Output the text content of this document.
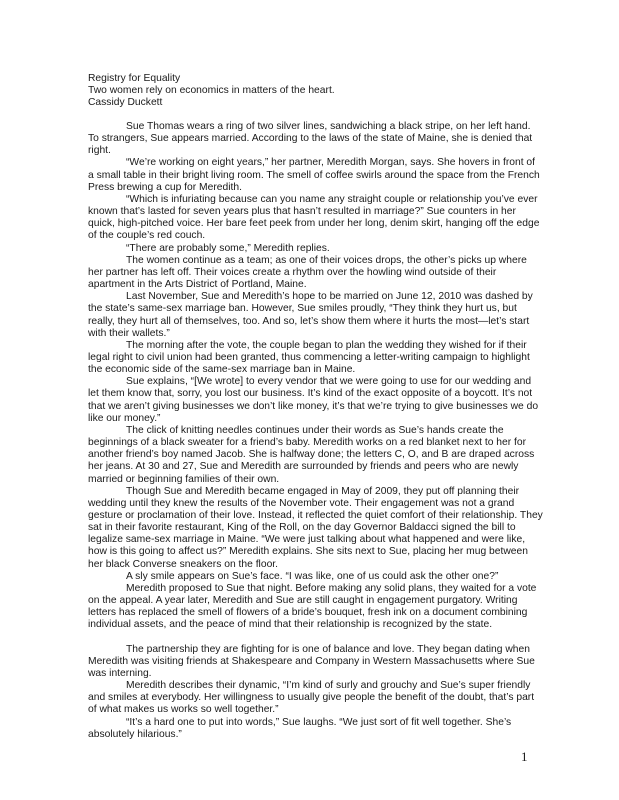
Registry for Equality
Two women rely on economics in matters of the heart.
Cassidy Duckett

Sue Thomas wears a ring of two silver lines, sandwiching a black stripe, on her left hand. To strangers, Sue appears married. According to the laws of the state of Maine, she is denied that right.

“We’re working on eight years,” her partner, Meredith Morgan, says. She hovers in front of a small table in their bright living room. The smell of coffee swirls around the space from the French Press brewing a cup for Meredith.

“Which is infuriating because can you name any straight couple or relationship you’ve ever known that’s lasted for seven years plus that hasn’t resulted in marriage?” Sue counters in her quick, high-pitched voice. Her bare feet peek from under her long, denim skirt, hanging off the edge of the couple’s red couch.

“There are probably some,” Meredith replies.

The women continue as a team; as one of their voices drops, the other’s picks up where her partner has left off. Their voices create a rhythm over the howling wind outside of their apartment in the Arts District of Portland, Maine.

Last November, Sue and Meredith’s hope to be married on June 12, 2010 was dashed by the state’s same-sex marriage ban. However, Sue smiles proudly, “They think they hurt us, but really, they hurt all of themselves, too. And so, let’s show them where it hurts the most—let’s start with their wallets.”

The morning after the vote, the couple began to plan the wedding they wished for if their legal right to civil union had been granted, thus commencing a letter-writing campaign to highlight the economic side of the same-sex marriage ban in Maine.

Sue explains, “[We wrote] to every vendor that we were going to use for our wedding and let them know that, sorry, you lost our business. It’s kind of the exact opposite of a boycott. It’s not that we aren’t giving businesses we don’t like money, it’s that we’re trying to give businesses we do like our money.”

The click of knitting needles continues under their words as Sue’s hands create the beginnings of a black sweater for a friend’s baby. Meredith works on a red blanket next to her for another friend’s boy named Jacob. She is halfway done; the letters C, O, and B are draped across her jeans. At 30 and 27, Sue and Meredith are surrounded by friends and peers who are newly married or beginning families of their own.

Though Sue and Meredith became engaged in May of 2009, they put off planning their wedding until they knew the results of the November vote. Their engagement was not a grand gesture or proclamation of their love. Instead, it reflected the quiet comfort of their relationship. They sat in their favorite restaurant, King of the Roll, on the day Governor Baldacci signed the bill to legalize same-sex marriage in Maine. “We were just talking about what happened and were like, how is this going to affect us?” Meredith explains. She sits next to Sue, placing her mug between her black Converse sneakers on the floor.

A sly smile appears on Sue’s face. “I was like, one of us could ask the other one?”

Meredith proposed to Sue that night. Before making any solid plans, they waited for a vote on the appeal. A year later, Meredith and Sue are still caught in engagement purgatory. Writing letters has replaced the smell of flowers of a bride’s bouquet, fresh ink on a document combining individual assets, and the peace of mind that their relationship is recognized by the state.

The partnership they are fighting for is one of balance and love. They began dating when Meredith was visiting friends at Shakespeare and Company in Western Massachusetts where Sue was interning.

Meredith describes their dynamic, “I’m kind of surly and grouchy and Sue’s super friendly and smiles at everybody. Her willingness to usually give people the benefit of the doubt, that’s part of what makes us works so well together.”

“It’s a hard one to put into words,” Sue laughs. “We just sort of fit well together. She’s absolutely hilarious.”

1
